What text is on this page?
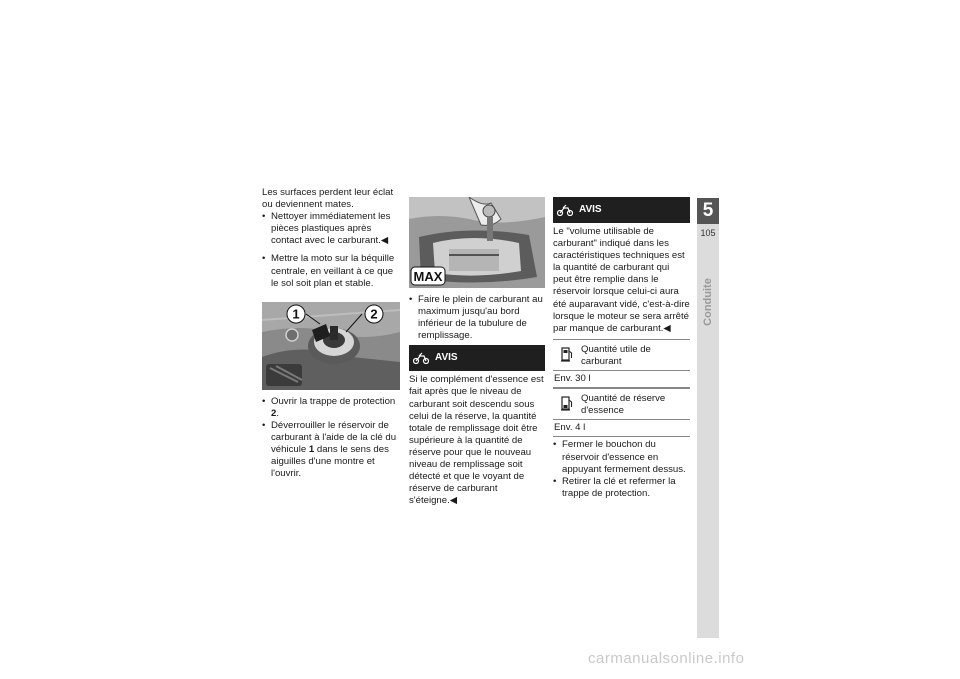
Les surfaces perdent leur éclat ou deviennent mates.

• Nettoyer immédiatement les pièces plastiques après contact avec le carburant.◀
• Mettre la moto sur la béquille centrale, en veillant à ce que le sol soit plan et stable.
1	2
• Ouvrir la trappe de protection 2.
• Déverrouiller le réservoir de carburant à l'aide de la clé du véhicule 1 dans le sens des aiguilles d'une montre et l'ouvrir.
MAX
• Faire le plein de carburant au maximum jusqu'au bord inférieur de la tubulure de remplissage.
AVIS

Si le complément d'essence est fait après que le niveau de carburant soit descendu sous celui de la réserve, la quantité totale de remplissage doit être supérieure à la quantité de réserve pour que le nouveau niveau de remplissage soit détecté et que le voyant de réserve de carburant s'éteigne.◀

AVIS

Le "volume utilisable de carburant" indiqué dans les caractéristiques techniques est la quantité de carburant qui peut être remplie dans le réservoir lorsque celui-ci aura été auparavant vidé, c'est-à-dire lorsque le moteur se sera arrêté par manque de carburant.◀

Quantité utile de carburant
Env. 30 l
Quantité de réserve d'essence
Env. 4 l
• Fermer le bouchon du réservoir d'essence en appuyant fermement dessus.
• Retirer la clé et refermer la trappe de protection.
5
105
Conduite
carmanualsonline.info
